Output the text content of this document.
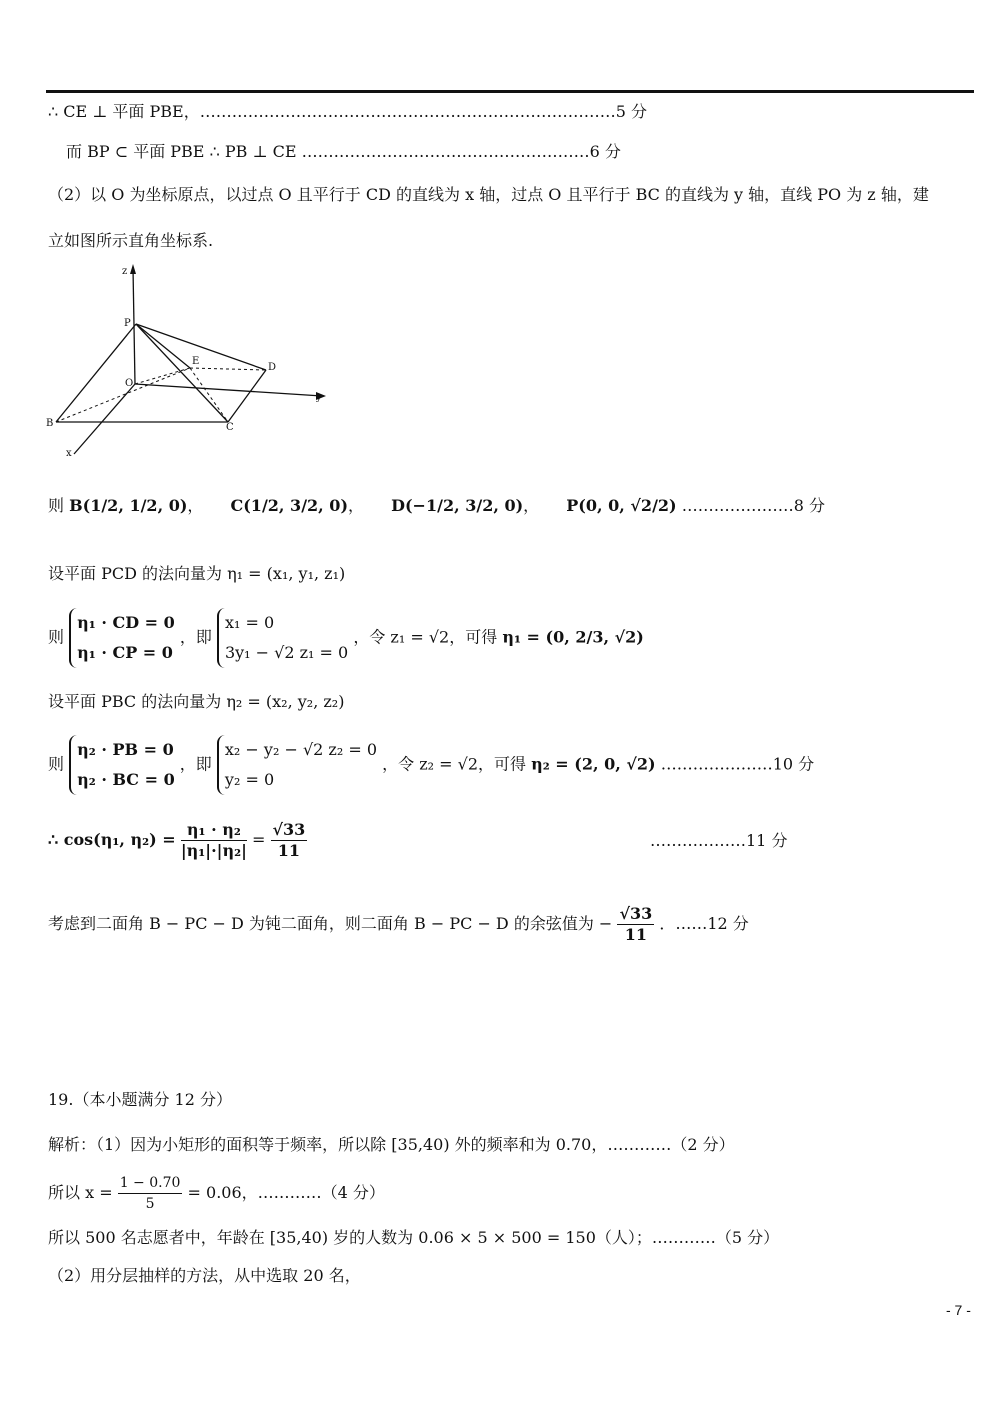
∴ CE ⊥ 平面 PBE，……………………………………………………………………5 分
而 BP ⊂ 平面 PBE ∴ PB ⊥ CE ………………………………………………6 分
（2）以 O 为坐标原点，以过点 O 且平行于 CD 的直线为 x 轴，过点 O 且平行于 BC 的直线为 y 轴，直线 PO 为 z 轴，建
立如图所示直角坐标系.
z
P
E
D
O
y
B	C
x
则 B(1/2, 1/2, 0)， C(1/2, 3/2, 0)， D(−1/2, 3/2, 0)， P(0, 0, √2/2) …………………8 分
设平面 PCD 的法向量为 η₁ = (x₁, y₁, z₁)
则
η₁ · CD = 0
η₁ · CP = 0
，即
x₁ = 0
3y₁ − √2 z₁ = 0
，令 z₁ = √2，可得 η₁ = (0, 2/3, √2)
设平面 PBC 的法向量为 η₂ = (x₂, y₂, z₂)
则
η₂ · PB = 0
η₂ · BC = 0
，即
x₂ − y₂ − √2 z₂ = 0
y₂ = 0
，令 z₂ = √2，可得 η₂ = (2, 0, √2) …………………10 分
∴ cos(η₁, $\eta_2) = \frac{\text{η₁ · η₂}}{\text{|η₁|·|η₂|}} = \frac{√33}{11}$	………………11 分
考虑到二面角 B − PC − D 为钝二面角，则二面角 B − PC − D 的余弦值为 − $\frac{√33}{11}$ ．……12 分
19.（本小题满分 12 分）
解析：（1）因为小矩形的面积等于频率，所以除 [35,40) 外的频率和为 0.70，…………（2 分）
所以 $x = \frac{1 - 0.70}{5} = 0.06$，…………（4 分）
所以 500 名志愿者中，年龄在 [35,40) 岁的人数为 0.06 × 5 × 500 = 150（人）；…………（5 分）
（2）用分层抽样的方法，从中选取 20 名，
- 7 -
